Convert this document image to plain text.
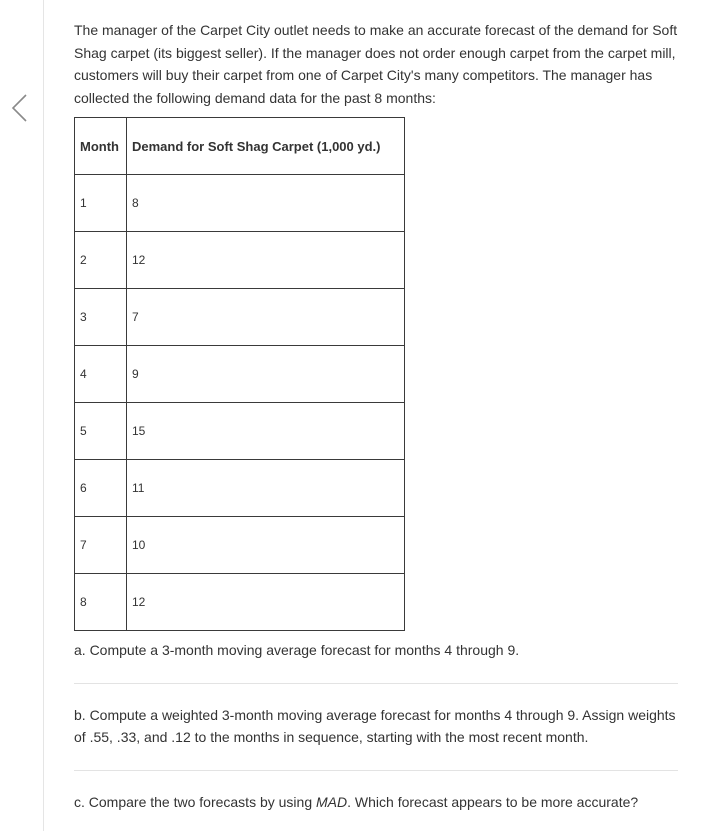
The manager of the Carpet City outlet needs to make an accurate forecast of the demand for Soft Shag carpet (its biggest seller). If the manager does not order enough carpet from the carpet mill, customers will buy their carpet from one of Carpet City's many competitors. The manager has collected the following demand data for the past 8 months:

Month	Demand for Soft Shag Carpet (1,000 yd.)
1	8
2	12
3	7
4	9
5	15
6	11
7	10
8	12

a. Compute a 3-month moving average forecast for months 4 through 9.

b. Compute a weighted 3-month moving average forecast for months 4 through 9. Assign weights of .55, .33, and .12 to the months in sequence, starting with the most recent month.

c. Compare the two forecasts by using MAD. Which forecast appears to be more accurate?
